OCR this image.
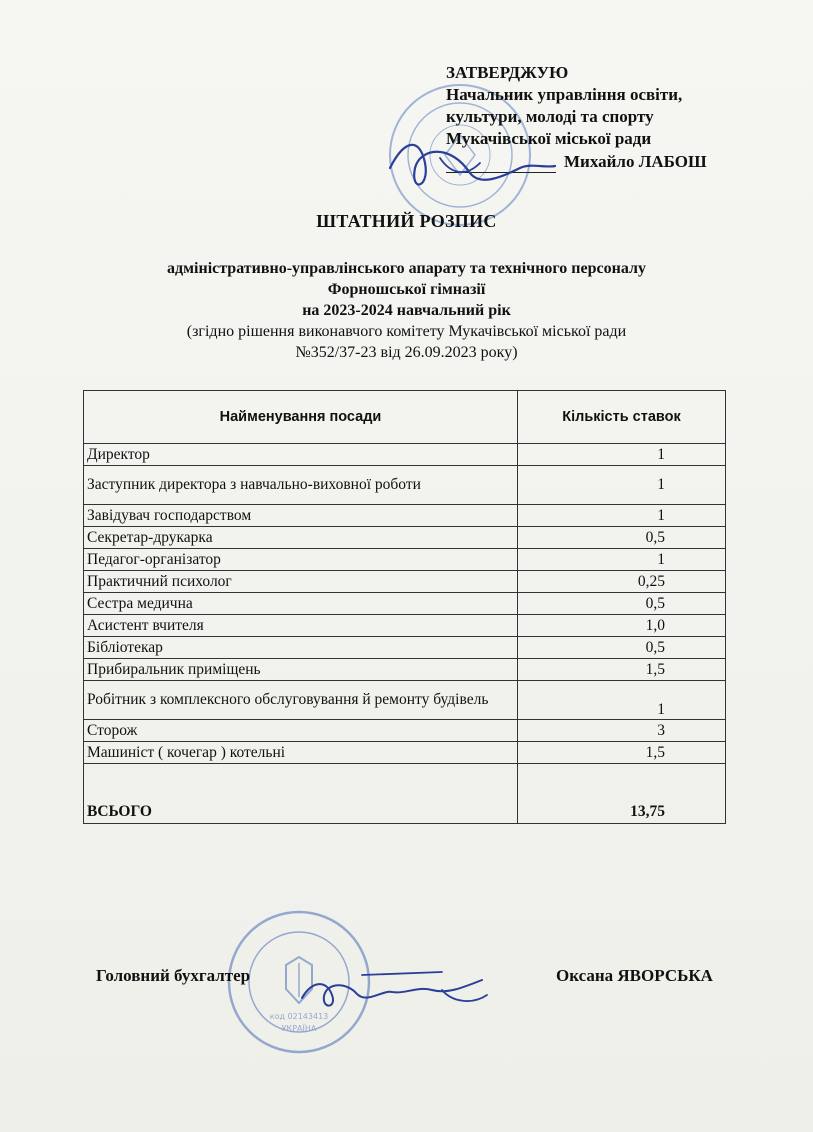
ЗАТВЕРДЖУЮ
Начальник управління освіти,
культури, молоді та спорту
Мукачівської міської ради
Михайло ЛАБОШ
ШТАТНИЙ РОЗПИС
адміністративно-управлінського апарату та технічного персоналу
Форношської гімназії
на 2023-2024 навчальний рік
(згідно рішення виконавчого комітету Мукачівської міської ради
№352/37-23 від 26.09.2023 року)
Найменування посади	Кількість ставок
Директор	1
Заступник директора з навчально-виховної роботи	1
Завідувач господарством	1
Секретар-друкарка	0,5
Педагог-організатор	1
Практичний психолог	0,25
Сестра медична	0,5
Асистент вчителя	1,0
Бібліотекар	0,5
Прибиральник приміщень	1,5
Робітник з комплексного обслуговування й ремонту будівель	1
Сторож	3
Машиніст ( кочегар ) котельні	1,5
ВСЬОГО	13,75
код 02143413
УКРАЇНА
Головний бухгалтер	Оксана ЯВОРСЬКА
